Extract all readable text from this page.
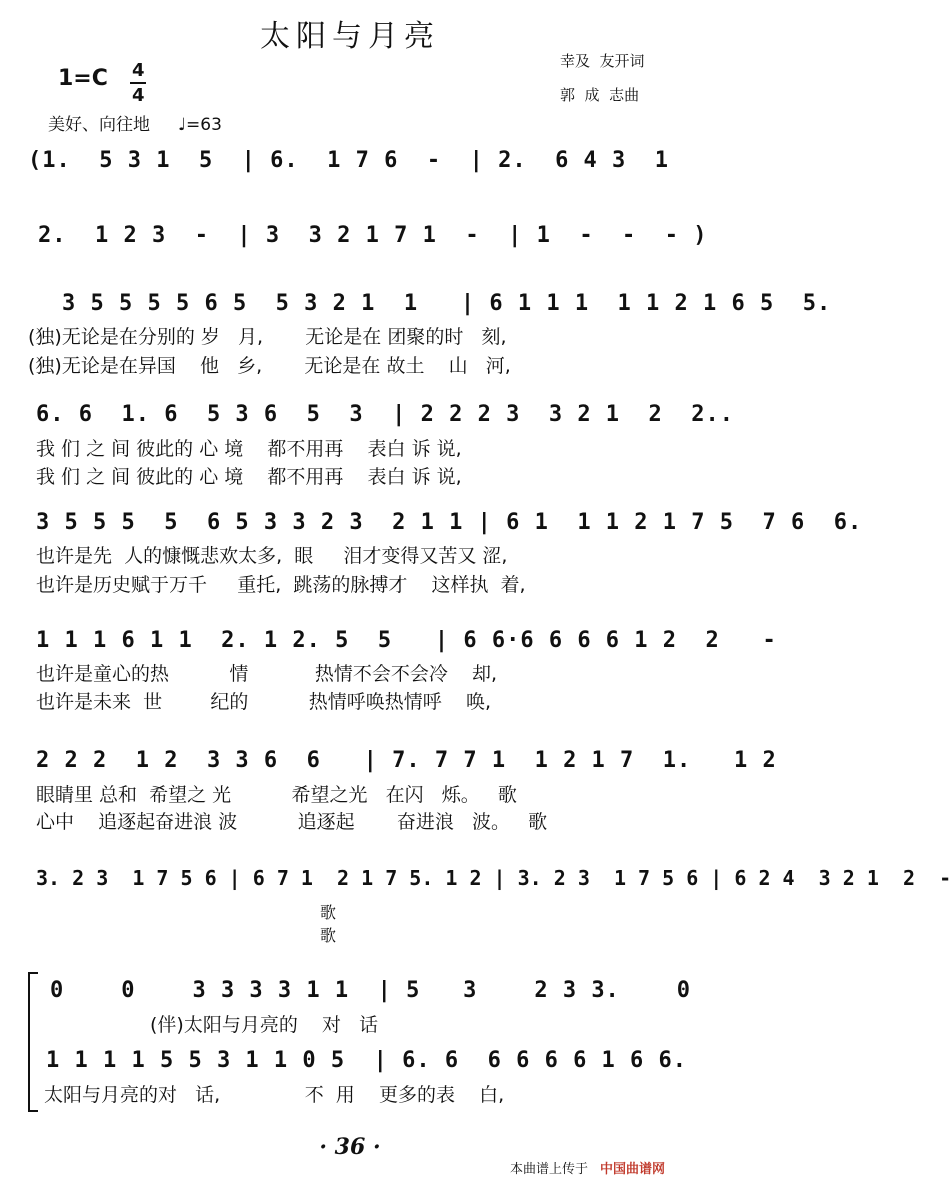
太阳与月亮
幸及  友开词
郭  成  志曲
1=C 4
4
美好、向往地 ♩=63
(1.  5 3 1  5  | 6.  1 7 6  -  | 2.  6 4 3  1
2.  1 2 3  -  | 3  3 2 1 7 1  -  | 1  -  -  - )
3 5 5 5 5 6 5  5 3 2 1  1   | 6 1 1 1  1 1 2 1 6 5  5.
(独)无论是在分别的 岁   月,       无论是在 团聚的时   刻,
(独)无论是在异国    他   乡,       无论是在 故土    山   河,
6. 6  1. 6  5 3 6  5  3  | 2 2 2 3  3 2 1  2  2..
我 们 之 间 彼此的 心 境    都不用再    表白 诉 说,
我 们 之 间 彼此的 心 境    都不用再    表白 诉 说,
3 5 5 5  5  6 5 3 3 2 3  2 1 1 | 6 1  1 1 2 1 7 5  7 6  6.
也许是先  人的慷慨悲欢太多,  眼     泪才变得又苦又 涩,
也许是历史赋于万千     重托,  跳荡的脉搏才    这样执  着,
1 1 1 6 1 1  2. 1 2. 5  5   | 6 6·6 6 6 6 1 2  2   -
也许是童心的热          情           热情不会不会冷    却,
也许是未来  世        纪的          热情呼唤热情呼    唤,
2 2 2  1 2  3 3 6  6   | 7. 7 7 1  1 2 1 7  1.   1 2
眼睛里 总和  希望之 光          希望之光   在闪   烁。   歌
心中    追逐起奋进浪 波          追逐起       奋进浪   波。   歌
3. 2 3  1 7 5 6 | 6 7 1  2 1 7 5. 1 2 | 3. 2 3  1 7 5 6 | 6 2 4  3 2 1  2  -
歌
歌
0    0    3 3 3 3 1 1  | 5   3    2 3 3.    0
(伴)太阳与月亮的    对   话
1 1 1 1 5 5 3 1 1 0 5  | 6. 6  6 6 6 6 1 6 6.
太阳与月亮的对   话,              不  用    更多的表    白,
· 36 ·
本曲谱上传于 中国曲谱网
